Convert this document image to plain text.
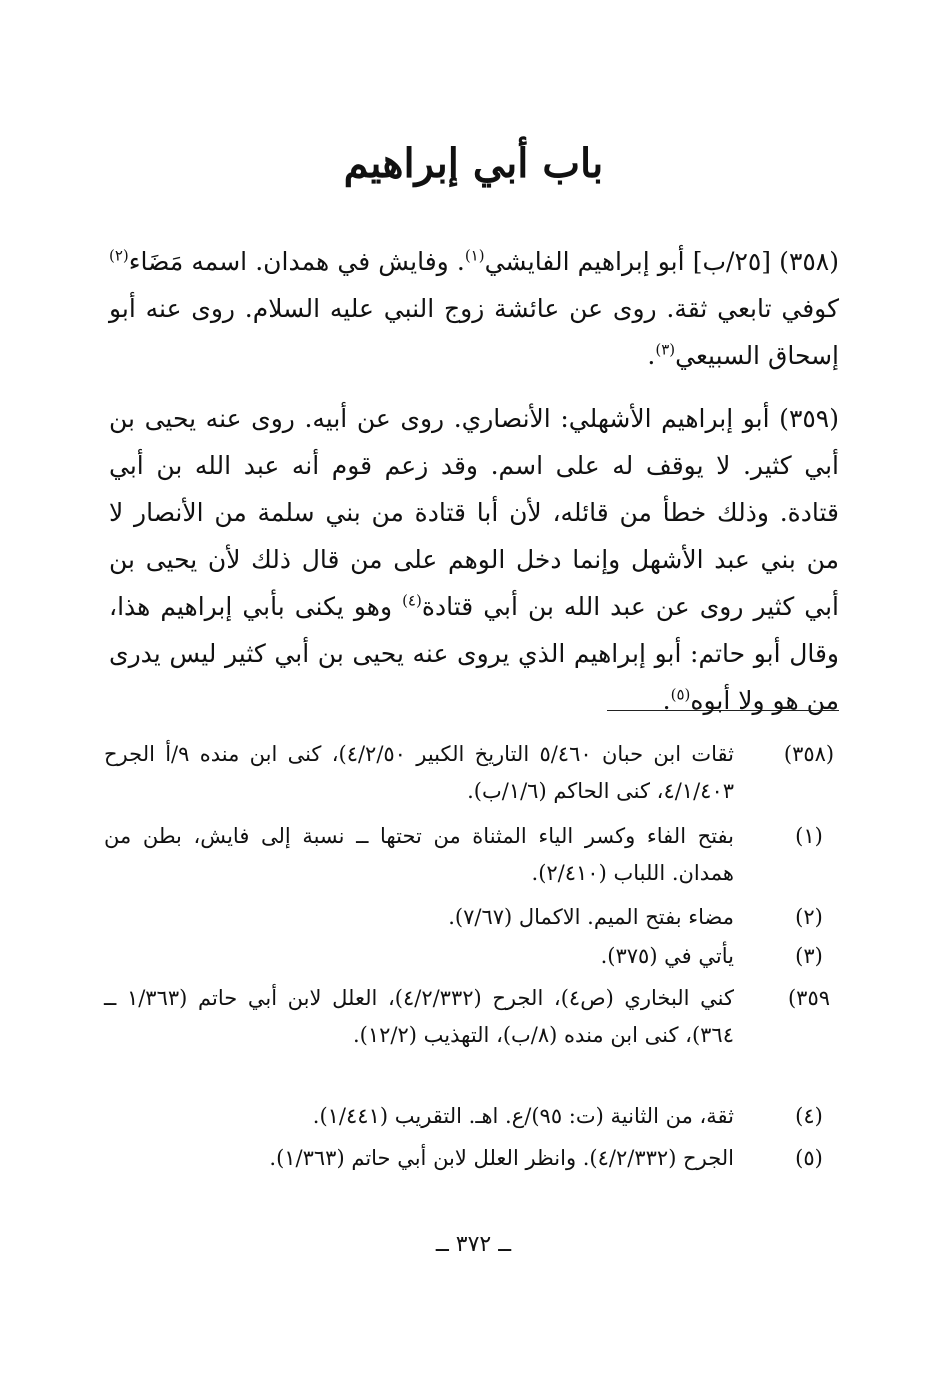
باب أبي إبراهيم
(٣٥٨) [٢٥/ب] أبو إبراهيم الفايشي$^{(١)}$. وفايش في همدان. اسمه مَضَاء$^{(٢)}$ كوفي تابعي ثقة. روى عن عائشة زوج النبي عليه السلام. روى عنه أبو إسحاق السبيعي$^{(٣)}$.
(٣٥٩) أبو إبراهيم الأشهلي: الأنصاري. روى عن أبيه. روى عنه يحيى بن أبي كثير. لا يوقف له على اسم. وقد زعم قوم أنه عبد الله بن أبي قتادة. وذلك خطأ من قائله، لأن أبا قتادة من بني سلمة من الأنصار لا من بني عبد الأشهل وإنما دخل الوهم على من قال ذلك لأن يحيى بن أبي كثير روى عن عبد الله بن أبي قتادة$^{(٤)}$ وهو يكنى بأبي إبراهيم هذا، وقال أبو حاتم: أبو إبراهيم الذي يروى عنه يحيى بن أبي كثير ليس يدرى من هو ولا أبوه$^{(٥)}$.
(٣٥٨)
ثقات ابن حبان ٥/٤٦٠ التاريخ الكبير ٤/٢/٥٠)، كنى ابن منده ٩/أ الجرح ٤/١/٤٠٣، كنى الحاكم (١/٦/ب).
(١)
بفتح الفاء وكسر الياء المثناة من تحتها ــ نسبة إلى فايش، بطن من همدان. اللباب (٢/٤١٠).
(٢)
مضاء بفتح الميم. الاكمال (٧/٦٧).
(٣)
يأتي في (٣٧٥).
٣٥٩)
كني البخاري (ص٤)، الجرح (٤/٢/٣٣٢)، العلل لابن أبي حاتم (١/٣٦٣ ــ ٣٦٤)، كنى ابن منده (٨/ب)، التهذيب (١٢/٢).
(٤)
ثقة، من الثانية (ت: ٩٥)/ع. اهـ. التقريب (١/٤٤١).
(٥)
الجرح (٤/٢/٣٣٢). وانظر العلل لابن أبي حاتم (١/٣٦٣).
ــ ٣٧٢ ــ
